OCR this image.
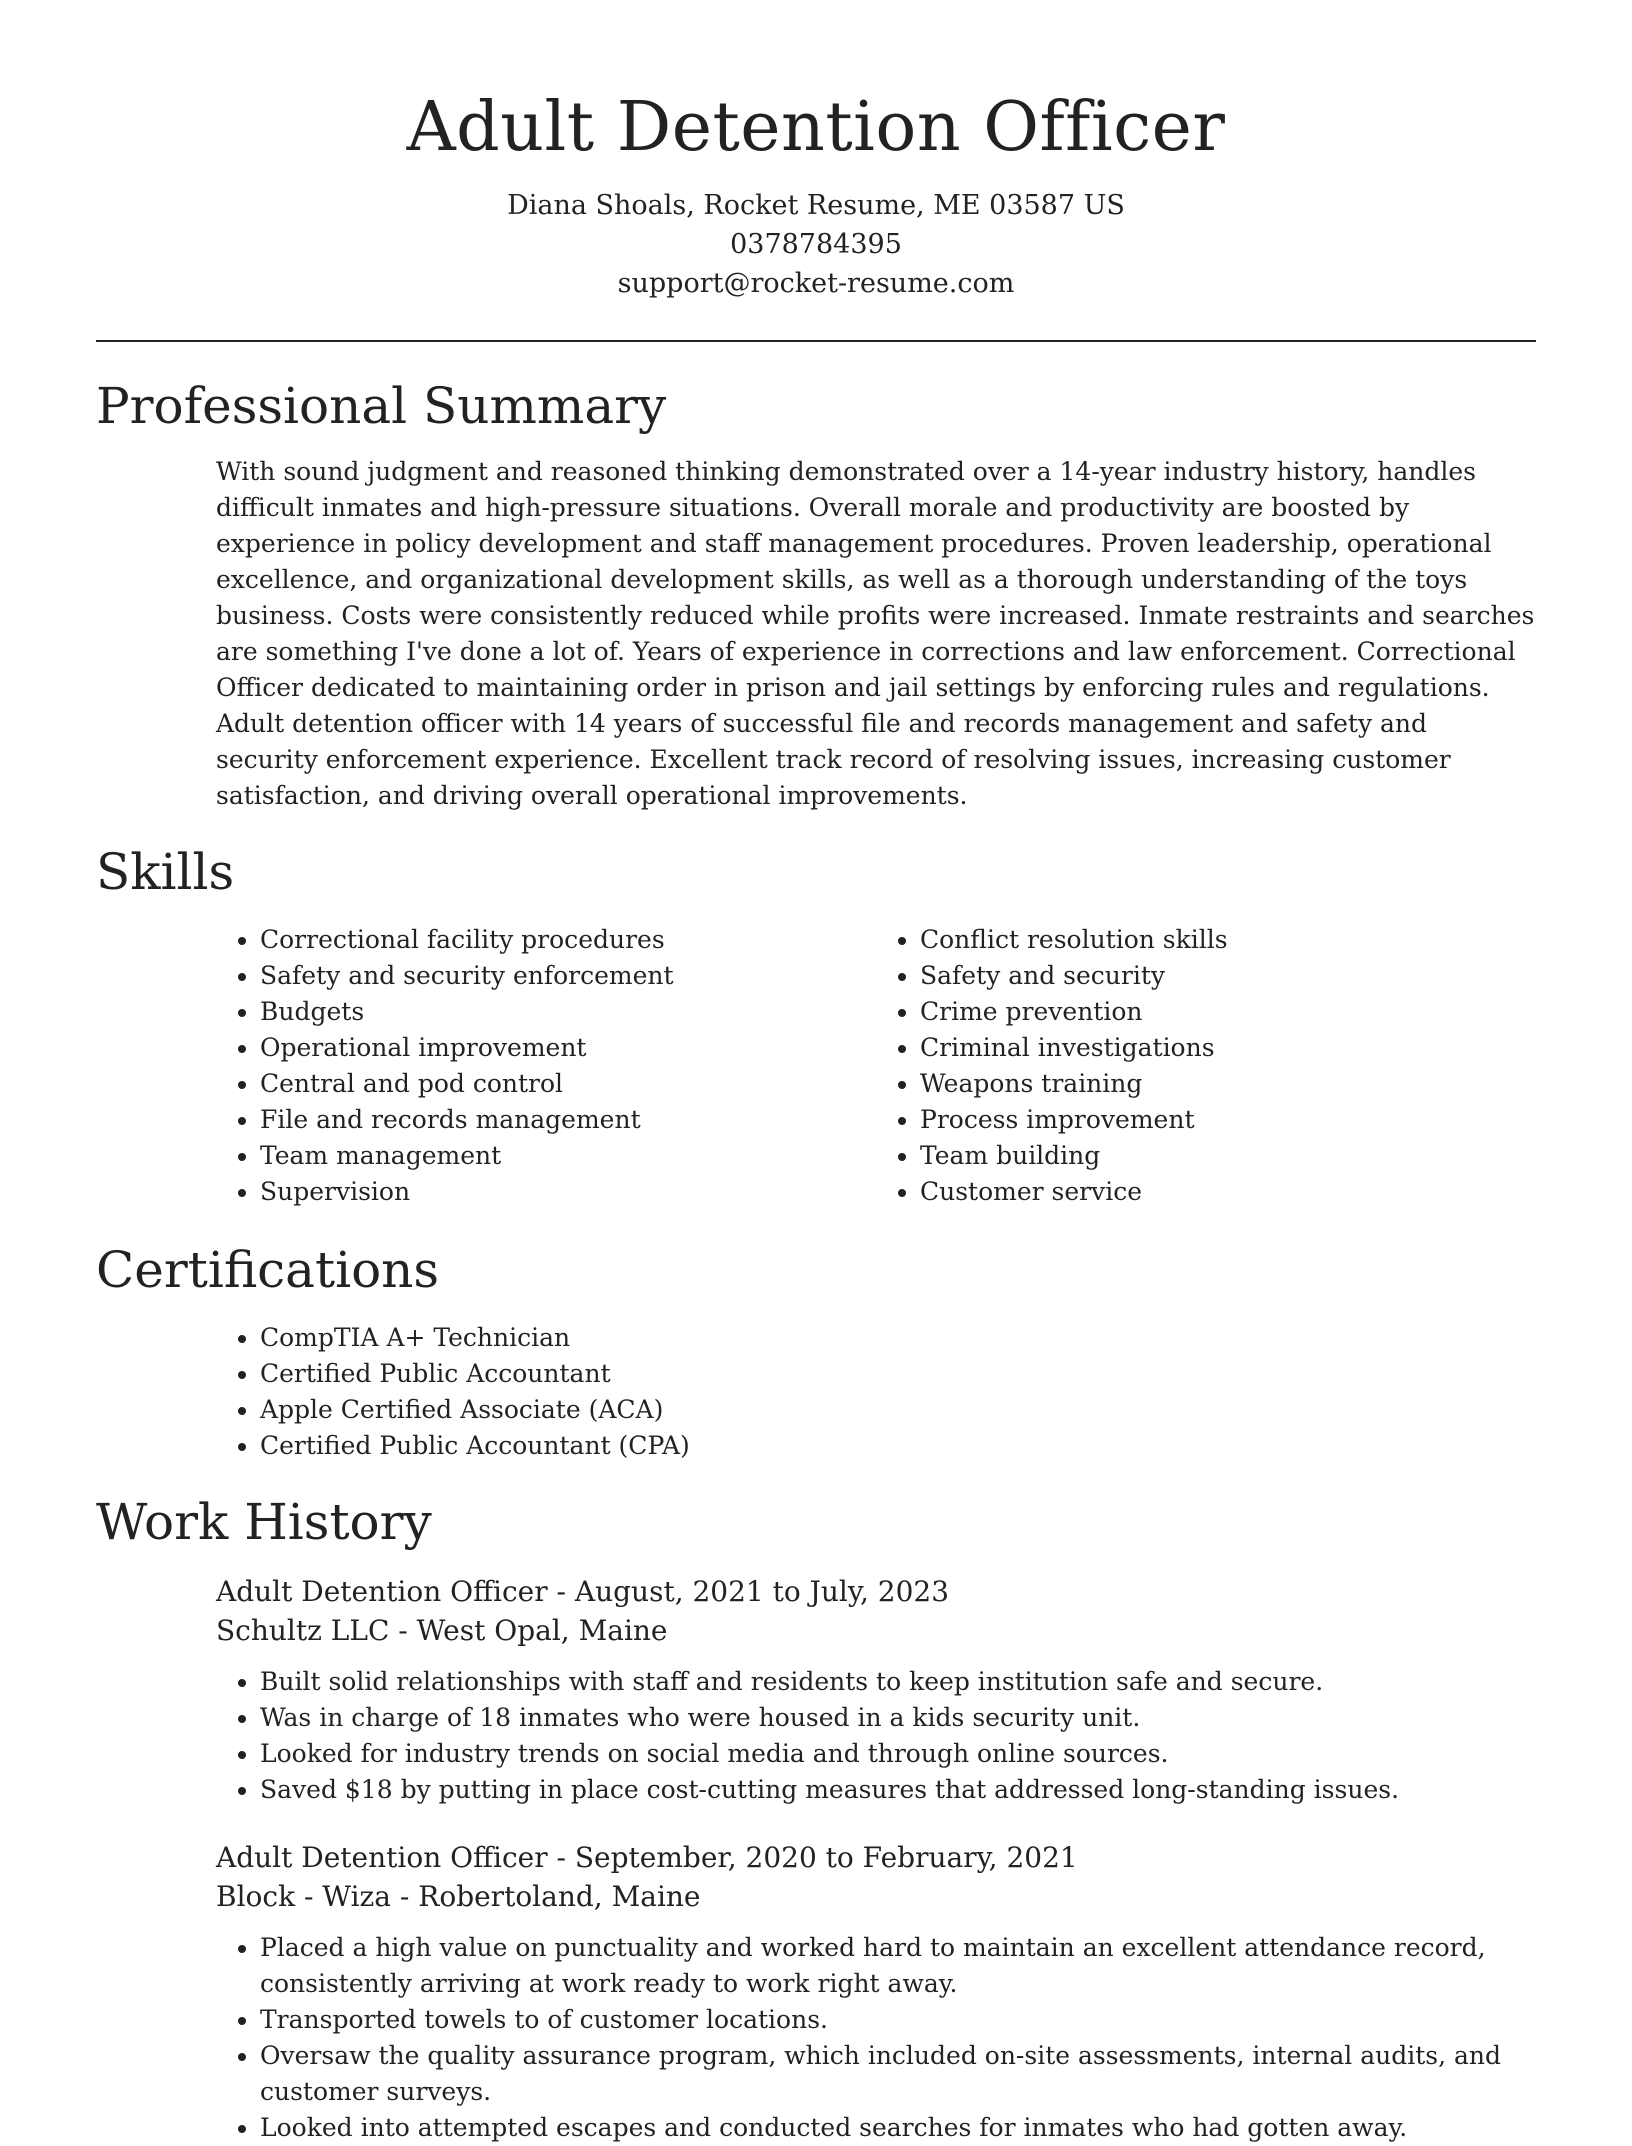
Adult Detention Officer
Diana Shoals, Rocket Resume, ME 03587 US
0378784395
support@rocket-resume.com
Professional Summary

With sound judgment and reasoned thinking demonstrated over a 14-year industry history, handles difficult inmates and high-pressure situations. Overall morale and productivity are boosted by experience in policy development and staff management procedures. Proven leadership, operational excellence, and organizational development skills, as well as a thorough understanding of the toys business. Costs were consistently reduced while profits were increased. Inmate restraints and searches are something I've done a lot of. Years of experience in corrections and law enforcement. Correctional Officer dedicated to maintaining order in prison and jail settings by enforcing rules and regulations. Adult detention officer with 14 years of successful file and records management and safety and security enforcement experience. Excellent track record of resolving issues, increasing customer satisfaction, and driving overall operational improvements.

Skills
• Correctional facility procedures
• Safety and security enforcement
• Budgets
• Operational improvement
• Central and pod control
• File and records management
• Team management
• Supervision
• Conflict resolution skills
• Safety and security
• Crime prevention
• Criminal investigations
• Weapons training
• Process improvement
• Team building
• Customer service
Certifications
• CompTIA A+ Technician
• Certified Public Accountant
• Apple Certified Associate (ACA)
• Certified Public Accountant (CPA)
Work History
Adult Detention Officer - August, 2021 to July, 2023
Schultz LLC - West Opal, Maine
• Built solid relationships with staff and residents to keep institution safe and secure.
• Was in charge of 18 inmates who were housed in a kids security unit.
• Looked for industry trends on social media and through online sources.
• Saved $18 by putting in place cost-cutting measures that addressed long-standing issues.
Adult Detention Officer - September, 2020 to February, 2021
Block - Wiza - Robertoland, Maine
• Placed a high value on punctuality and worked hard to maintain an excellent attendance record, consistently arriving at work ready to work right away.
• Transported towels to of customer locations.
• Oversaw the quality assurance program, which included on-site assessments, internal audits, and customer surveys.
• Looked into attempted escapes and conducted searches for inmates who had gotten away.
